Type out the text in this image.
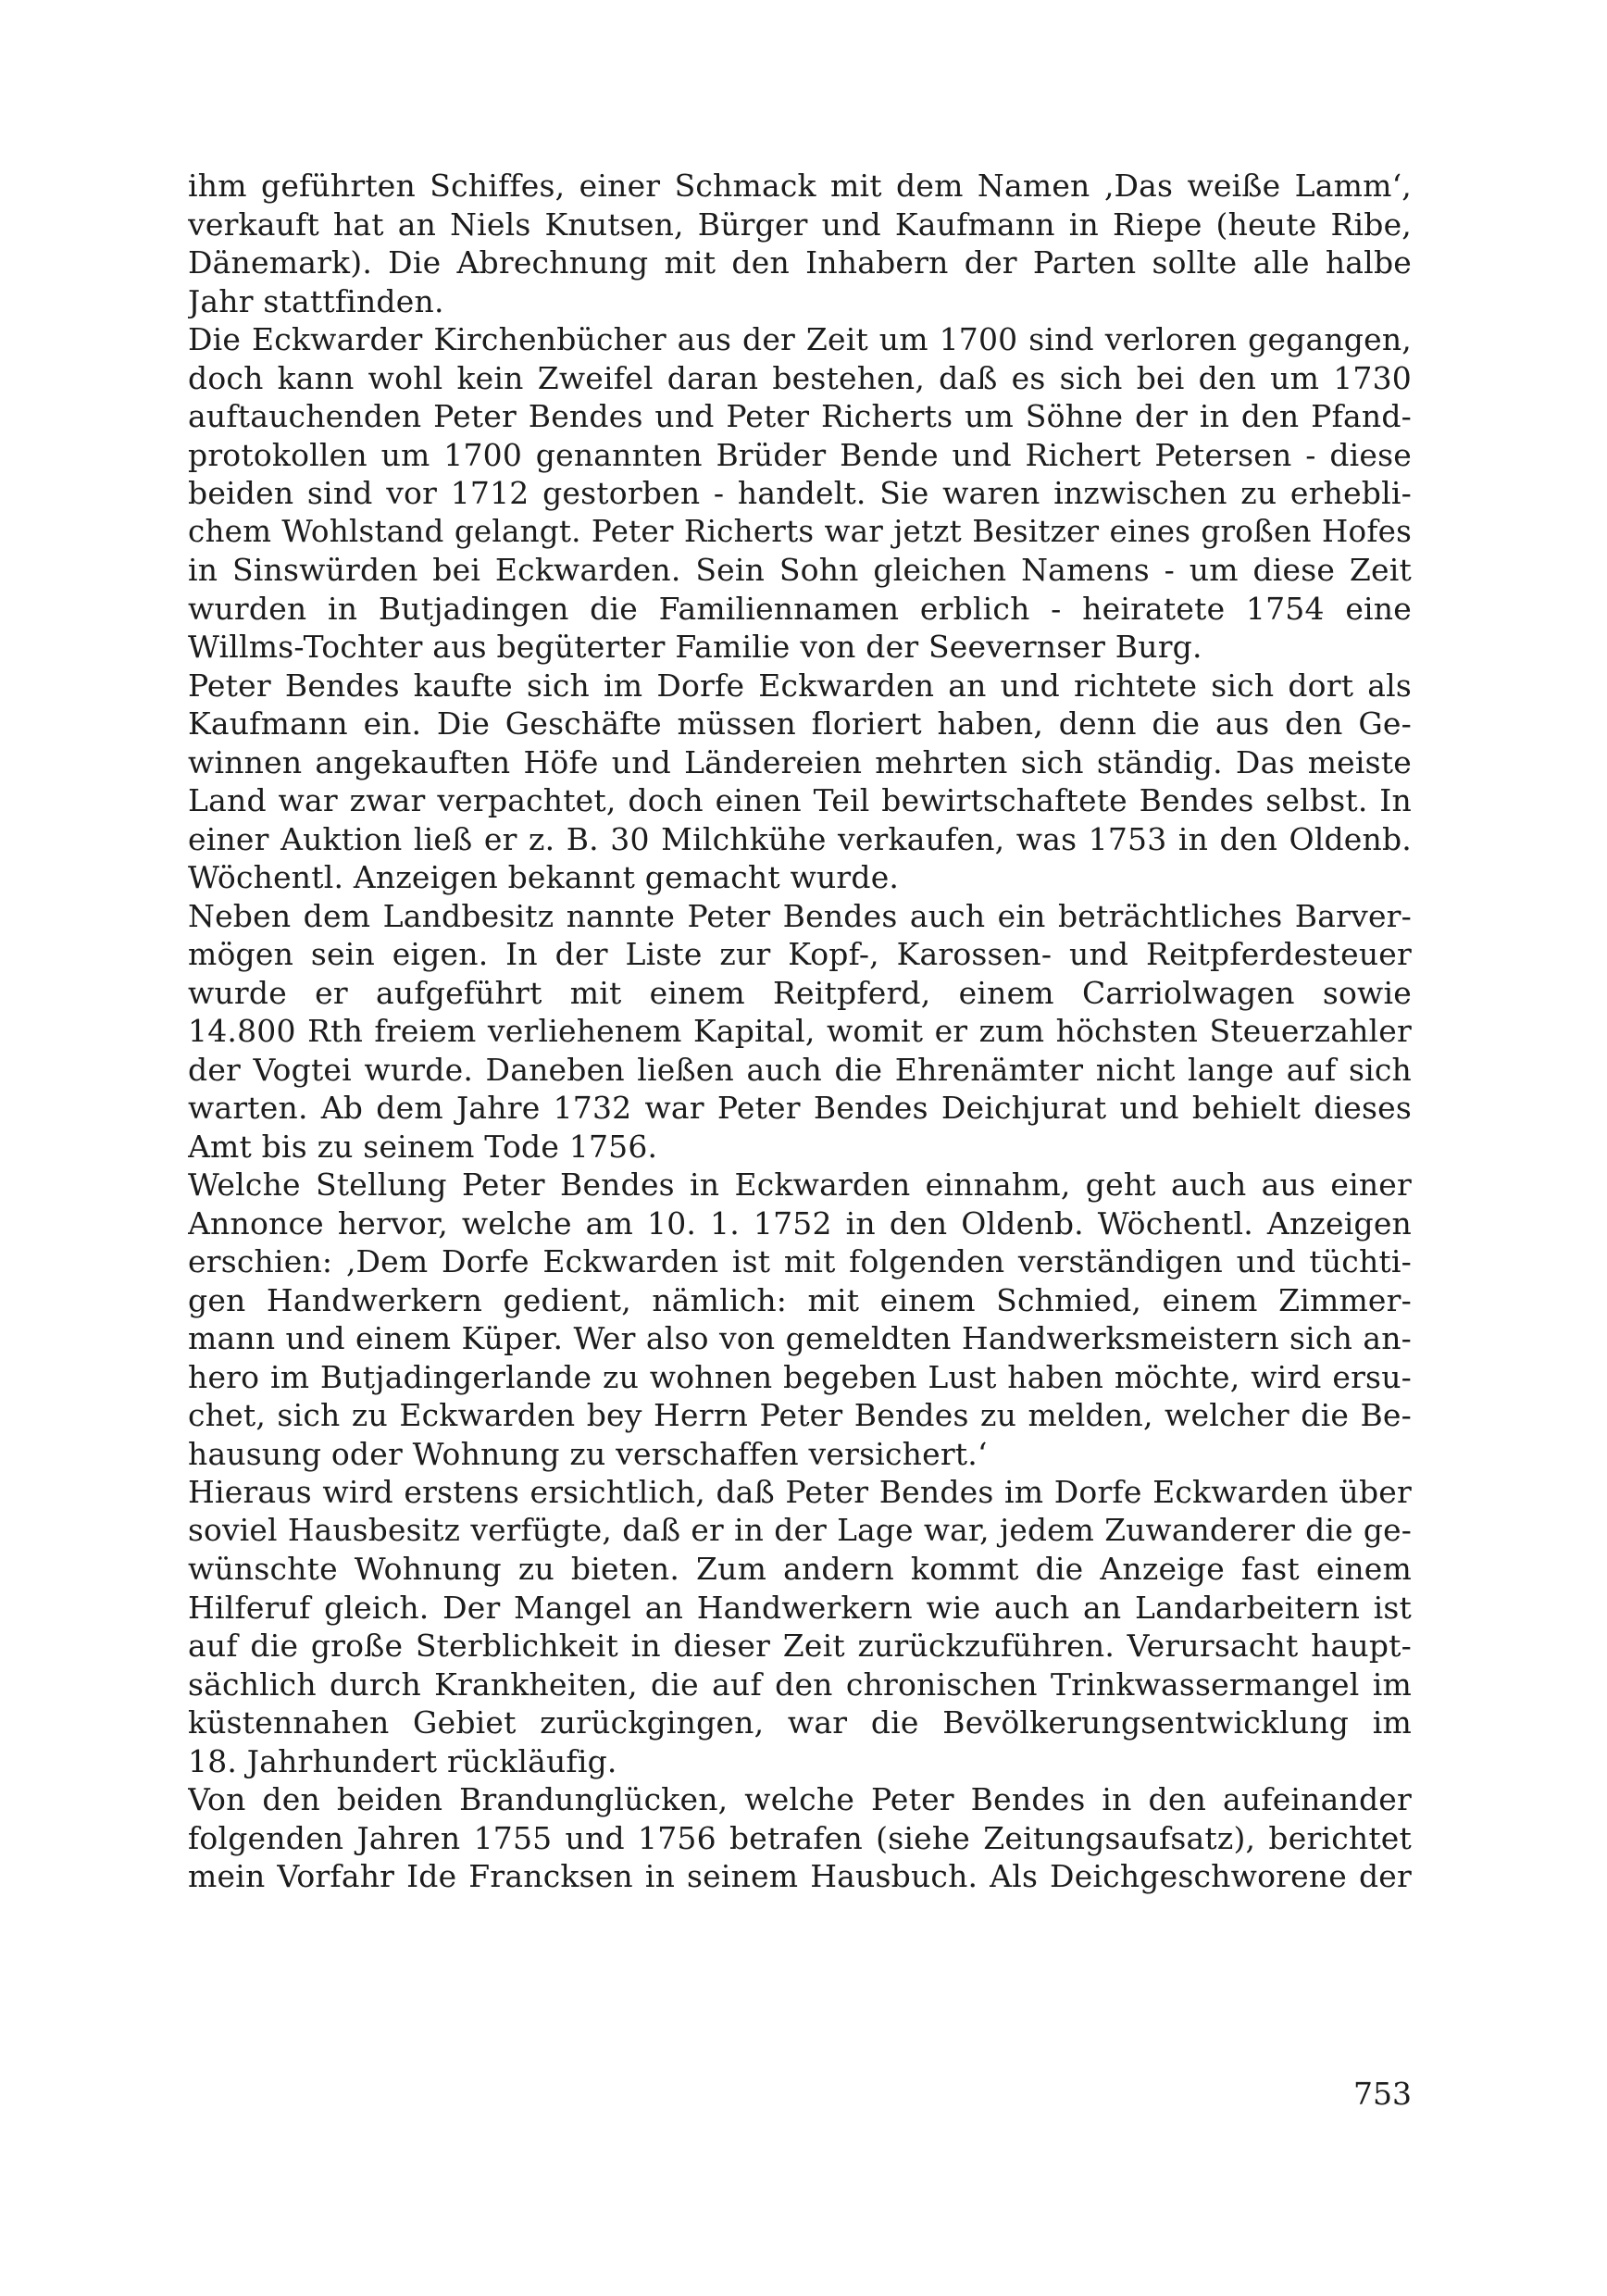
ihm geführten Schiffes, einer Schmack mit dem Namen ‚Das weiße Lamm‘,
verkauft hat an Niels Knutsen, Bürger und Kaufmann in Riepe (heute Ribe,
Dänemark). Die Abrechnung mit den Inhabern der Parten sollte alle halbe
Jahr stattfinden.
Die Eckwarder Kirchenbücher aus der Zeit um 1700 sind verloren gegangen,
doch kann wohl kein Zweifel daran bestehen, daß es sich bei den um 1730
auftauchenden Peter Bendes und Peter Richerts um Söhne der in den Pfand-
protokollen um 1700 genannten Brüder Bende und Richert Petersen - diese
beiden sind vor 1712 gestorben - handelt. Sie waren inzwischen zu erhebli-
chem Wohlstand gelangt. Peter Richerts war jetzt Besitzer eines großen Hofes
in Sinswürden bei Eckwarden. Sein Sohn gleichen Namens - um diese Zeit
wurden in Butjadingen die Familiennamen erblich - heiratete 1754 eine
Willms-Tochter aus begüterter Familie von der Seevernser Burg.
Peter Bendes kaufte sich im Dorfe Eckwarden an und richtete sich dort als
Kaufmann ein. Die Geschäfte müssen floriert haben, denn die aus den Ge-
winnen angekauften Höfe und Ländereien mehrten sich ständig. Das meiste
Land war zwar verpachtet, doch einen Teil bewirtschaftete Bendes selbst. In
einer Auktion ließ er z. B. 30 Milchkühe verkaufen, was 1753 in den Oldenb.
Wöchentl. Anzeigen bekannt gemacht wurde.
Neben dem Landbesitz nannte Peter Bendes auch ein beträchtliches Barver-
mögen sein eigen. In der Liste zur Kopf-, Karossen- und Reitpferdesteuer
wurde er aufgeführt mit einem Reitpferd, einem Carriolwagen sowie
14.800 Rth freiem verliehenem Kapital, womit er zum höchsten Steuerzahler
der Vogtei wurde. Daneben ließen auch die Ehrenämter nicht lange auf sich
warten. Ab dem Jahre 1732 war Peter Bendes Deichjurat und behielt dieses
Amt bis zu seinem Tode 1756.
Welche Stellung Peter Bendes in Eckwarden einnahm, geht auch aus einer
Annonce hervor, welche am 10. 1. 1752 in den Oldenb. Wöchentl. Anzeigen
erschien: ‚Dem Dorfe Eckwarden ist mit folgenden verständigen und tüchti-
gen Handwerkern gedient, nämlich: mit einem Schmied, einem Zimmer-
mann und einem Küper. Wer also von gemeldten Handwerksmeistern sich an-
hero im Butjadingerlande zu wohnen begeben Lust haben möchte, wird ersu-
chet, sich zu Eckwarden bey Herrn Peter Bendes zu melden, welcher die Be-
hausung oder Wohnung zu verschaffen versichert.‘
Hieraus wird erstens ersichtlich, daß Peter Bendes im Dorfe Eckwarden über
soviel Hausbesitz verfügte, daß er in der Lage war, jedem Zuwanderer die ge-
wünschte Wohnung zu bieten. Zum andern kommt die Anzeige fast einem
Hilferuf gleich. Der Mangel an Handwerkern wie auch an Landarbeitern ist
auf die große Sterblichkeit in dieser Zeit zurückzuführen. Verursacht haupt-
sächlich durch Krankheiten, die auf den chronischen Trinkwassermangel im
küstennahen Gebiet zurückgingen, war die Bevölkerungsentwicklung im
18. Jahrhundert rückläufig.
Von den beiden Brandunglücken, welche Peter Bendes in den aufeinander
folgenden Jahren 1755 und 1756 betrafen (siehe Zeitungsaufsatz), berichtet
mein Vorfahr Ide Francksen in seinem Hausbuch. Als Deichgeschworene der
753
